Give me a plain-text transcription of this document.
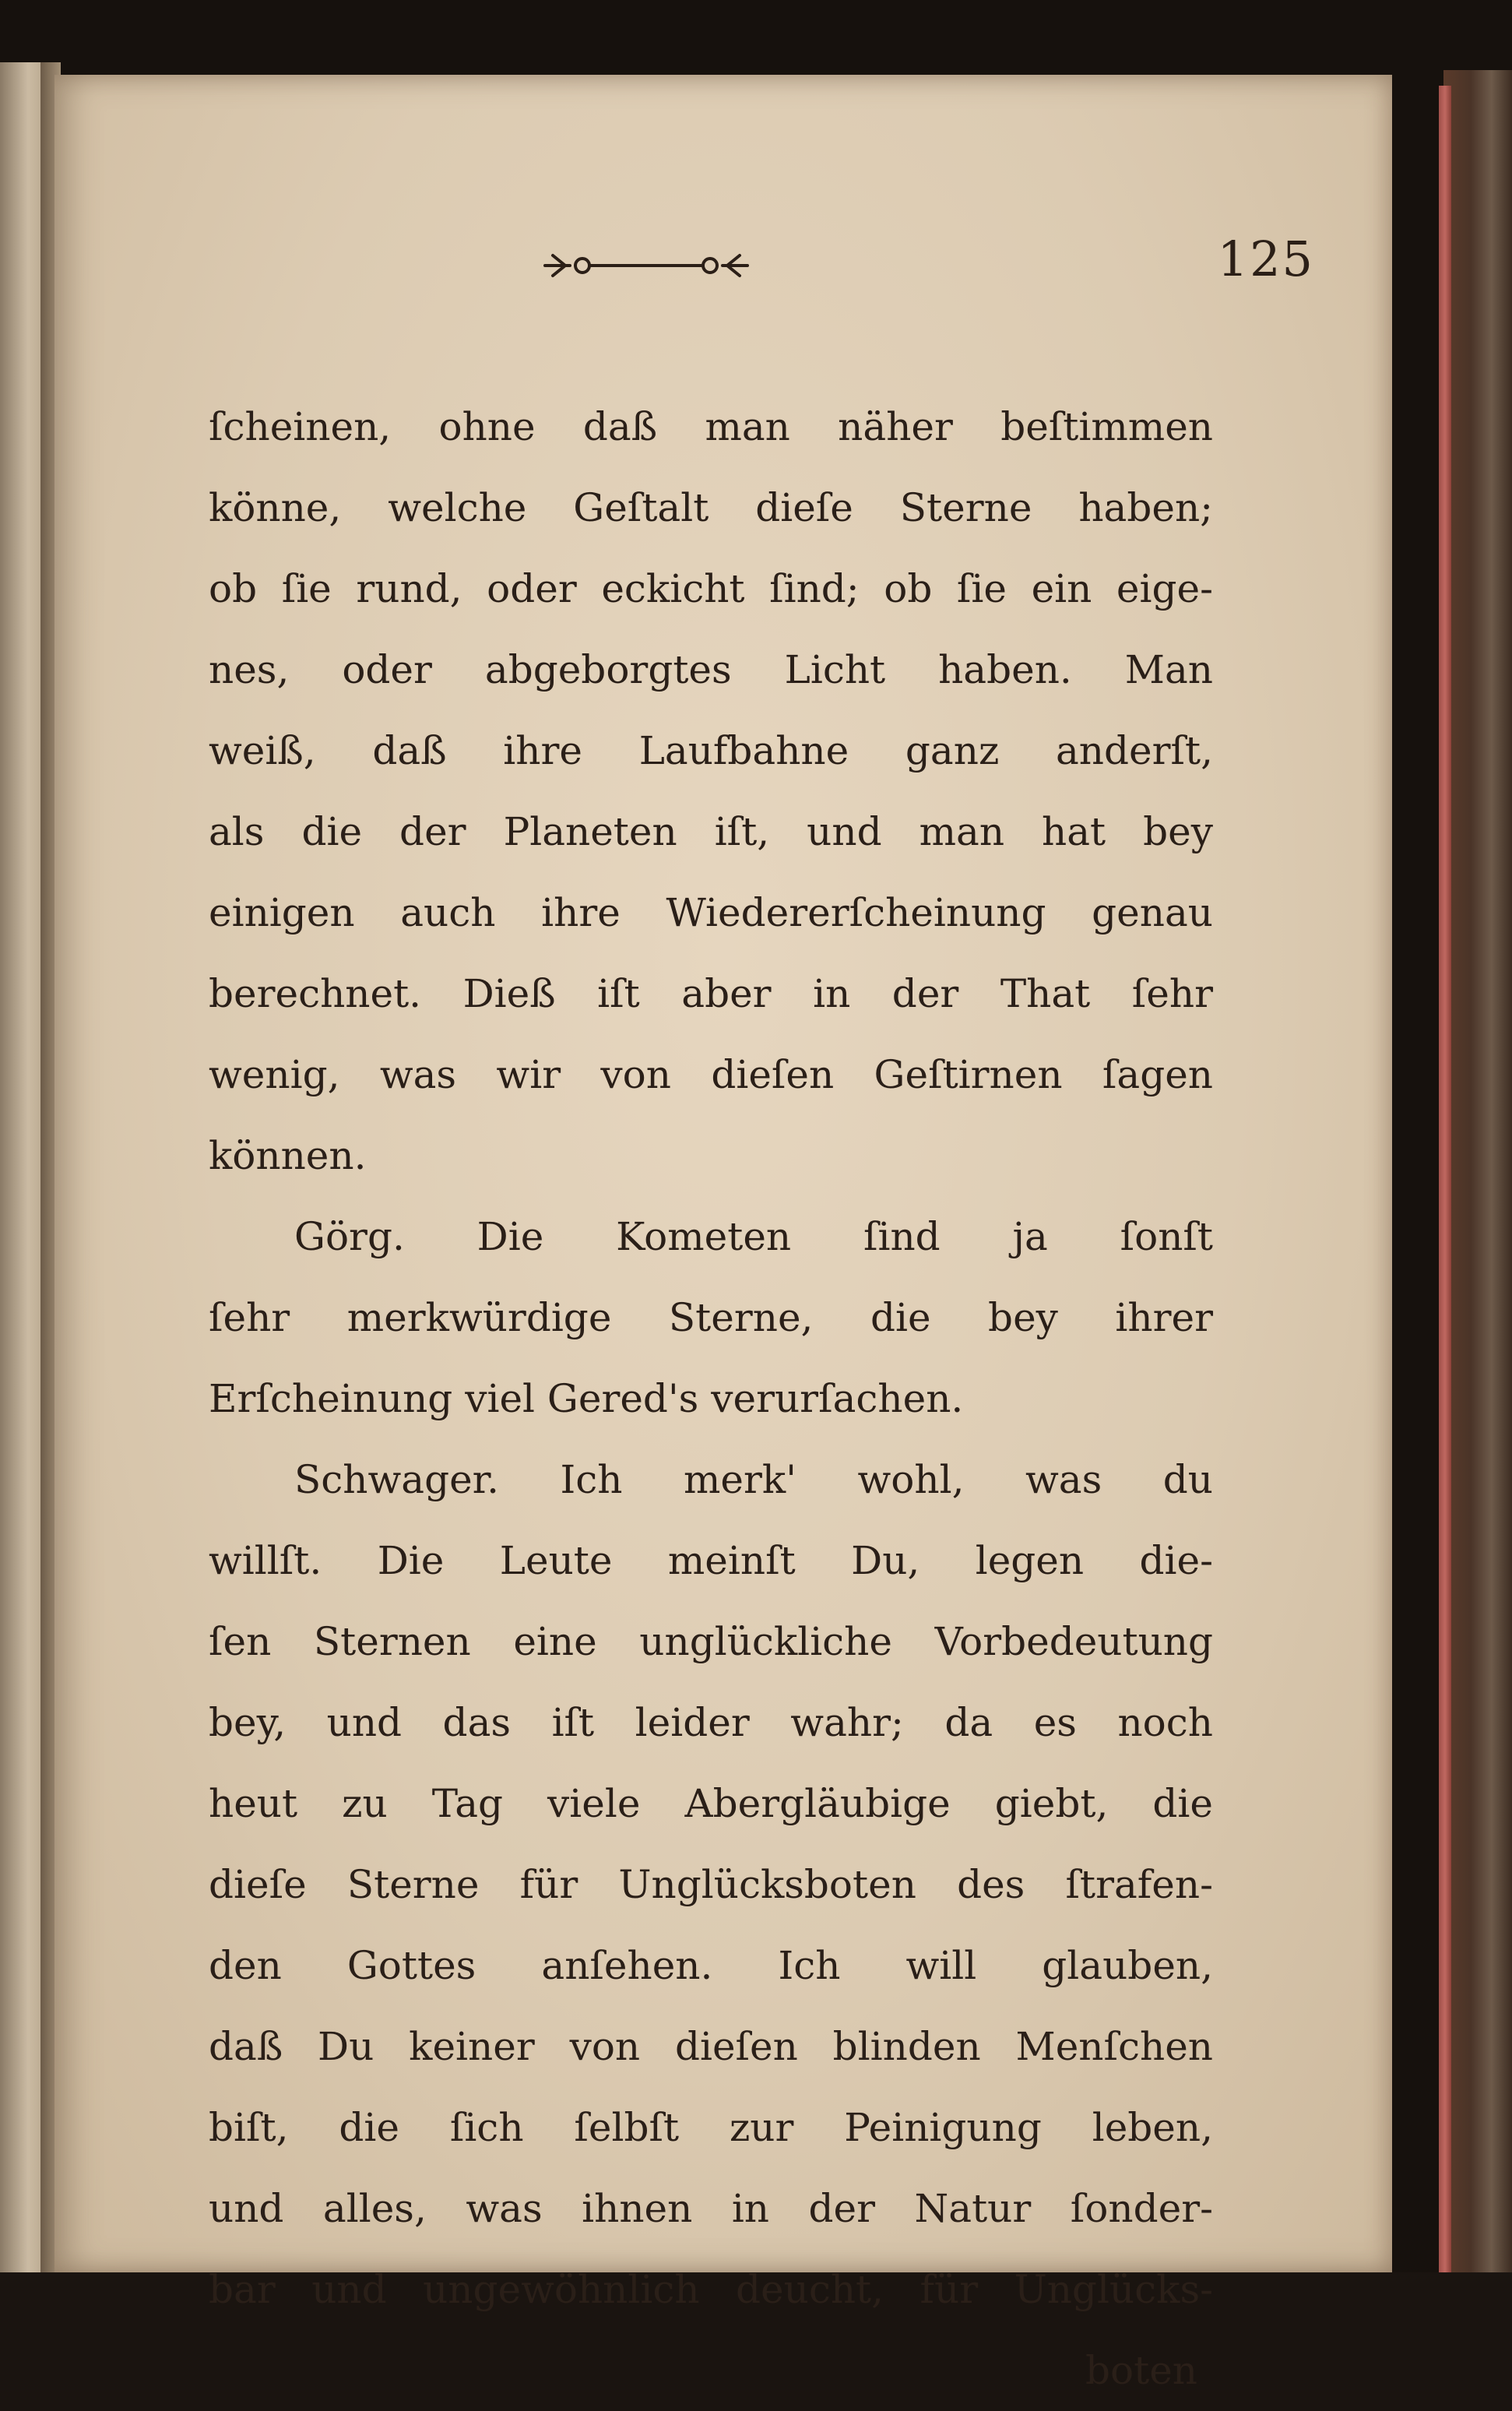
125
ſcheinen, ohne daß man näher beſtimmen
könne, welche Geſtalt dieſe Sterne haben;
ob ſie rund, oder eckicht ſind; ob ſie ein eige-
nes, oder abgeborgtes Licht haben. Man
weiß, daß ihre Laufbahne ganz anderſt,
als die der Planeten iſt, und man hat bey
einigen auch ihre Wiedererſcheinung genau
berechnet. Dieß iſt aber in der That ſehr
wenig, was wir von dieſen Geſtirnen ſagen
können.
Görg. Die Kometen ſind ja ſonſt
ſehr merkwürdige Sterne, die bey ihrer
Erſcheinung viel Gered's verurſachen.
Schwager. Ich merk' wohl, was du
willſt. Die Leute meinſt Du, legen die-
ſen Sternen eine unglückliche Vorbedeutung
bey, und das iſt leider wahr; da es noch
heut zu Tag viele Abergläubige giebt, die
dieſe Sterne für Unglücksboten des ſtrafen-
den Gottes anſehen. Ich will glauben,
daß Du keiner von dieſen blinden Menſchen
biſt, die ſich ſelbſt zur Peinigung leben,
und alles, was ihnen in der Natur ſonder-
bar und ungewöhnlich deucht, für Unglücks-
boten
